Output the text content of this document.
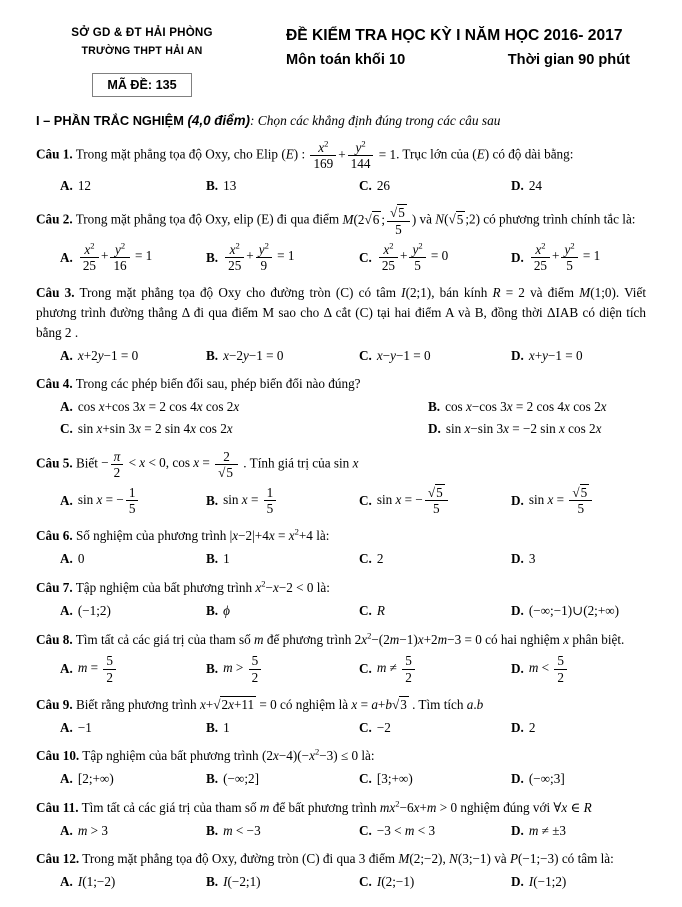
SỞ GD & ĐT HẢI PHÒNG
TRƯỜNG THPT HẢI AN
MÃ ĐỀ: 135
ĐỀ KIỂM TRA HỌC KỲ I NĂM HỌC 2016- 2017
Môn toán khối 10	Thời gian 90 phút
I – PHẦN TRẮC NGHIỆM (4,0 điểm): Chọn các khẳng định đúng trong các câu sau
Câu 1. Trong mặt phẳng tọa độ Oxy, cho Elip (E) : $\frac{x^2}{169} + \frac{y^2}{144} = 1$. Trục lớn của (E) có độ dài bằng:
A. 12	B. 13	C. 26	D. 24
Câu 2. Trong mặt phẳng tọa độ Oxy, elip (E) đi qua điểm M(2√6 ; $\frac{√5}{5}$ ) và N(√5 ;2) có phương trình chính tắc là:
A. $\frac{x^2}{25} + \frac{y^2}{16} = 1$	B. $\frac{x^2}{25} + \frac{y^2}{9} = 1$	C. $\frac{x^2}{25} + \frac{y^2}{5} = 0$	D. $\frac{x^2}{25} + \frac{y^2}{5} = 1$
Câu 3. Trong mặt phẳng tọa độ Oxy cho đường tròn (C) có tâm I(2;1), bán kính R = 2 và điểm M(1;0). Viết phương trình đường thẳng Δ đi qua điểm M sao cho Δ cắt (C) tại hai điểm A và B, đồng thời ΔIAB có diện tích bằng 2 .
A. x+2y−1 = 0	B. x−2y−1 = 0	C. x−y−1 = 0	D. x+y−1 = 0
Câu 4. Trong các phép biến đổi sau, phép biến đổi nào đúng?
A. cos x+cos 3x = 2 cos 4x cos 2x	B. cos x−cos 3x = 2 cos 4x cos 2x
C. sin x+sin 3x = 2 sin 4x cos 2x	D. sin x−sin 3x = −2 sin x cos 2x
Câu 5. Biết − $\frac{\pi}{2} < x < 0$, $\cos x = \frac{2}{√5}$ . Tính giá trị của sin x
A. sin x = − $\frac{1}{5}$	B. $\sin x = \frac{1}{5}$	C. sin x = − $\frac{√5}{5}$	D. $\sin x = \frac{√5}{5}$
Câu 6. Số nghiệm của phương trình $|x-2|+4x = x^2+4$ là:
A. 0	B. 1	C. 2	D. 3
Câu 7. Tập nghiệm của bất phương trình $x^2-x-2 < 0$ là:
A. (−1;2)	B. ϕ	C. R	D. (−∞;−1)∪(2;+∞)
Câu 8. Tìm tất cả các giá trị của tham số m để phương trình $2x^2-(2m-1)x+2m-3 = 0$ có hai nghiệm x phân biệt.
A. $m = \frac{5}{2}$	B. $m > \frac{5}{2}$	C. $m \ne \frac{5}{2}$	D. $m < \frac{5}{2}$
Câu 9. Biết rằng phương trình x+√2x+11 = 0 có nghiệm là x = a+b√3 . Tìm tích a.b
A. −1	B. 1	C. −2	D. 2
Câu 10. Tập nghiệm của bất phương trình $(2x-4)(-x^2-3) \le 0$ là:
A. [2;+∞)	B. (−∞;2]	C. [3;+∞)	D. (−∞;3]
Câu 11. Tìm tất cả các giá trị của tham số m để bất phương trình $mx^2-6x+m > 0$ nghiệm đúng với ∀x ∈ R
A. m > 3	B. m < −3	C. −3 < m < 3	D. m ≠ ±3
Câu 12. Trong mặt phẳng tọa độ Oxy, đường tròn (C) đi qua 3 điểm M(2;−2), N(3;−1) và P(−1;−3) có tâm là:
A. I(1;−2)	B. I(−2;1)	C. I(2;−1)	D. I(−1;2)
